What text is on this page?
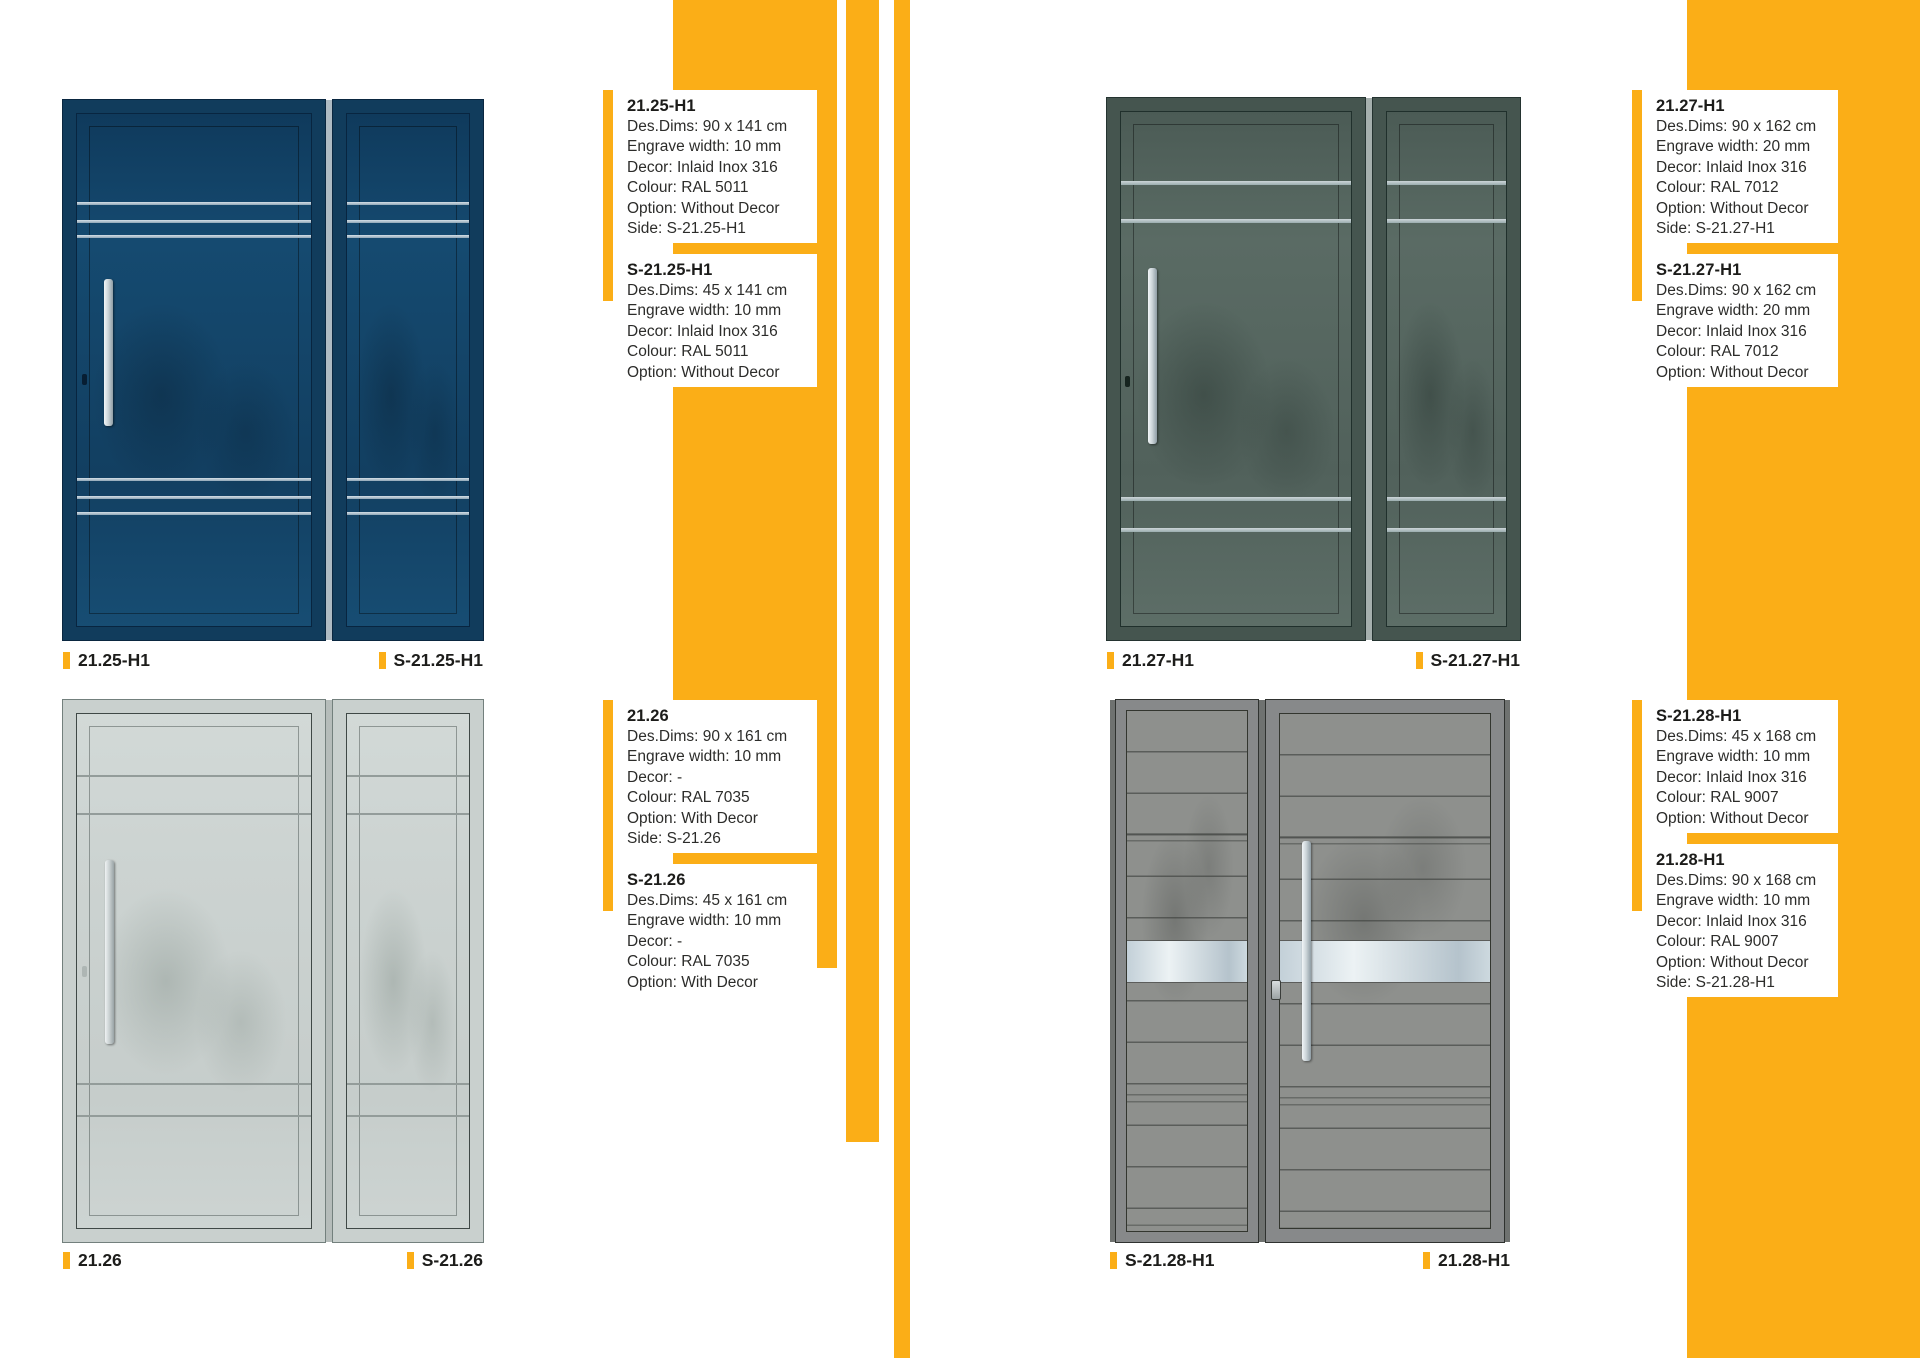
21.25-H1	S-21.25-H1
21.26	S-21.26
21.27-H1	S-21.27-H1
S-21.28-H1	21.28-H1
21.25-H1
Des.Dims: 90 x 141 cm
Engrave width: 10 mm
Decor: Inlaid Inox 316
Colour: RAL 5011
Option: Without Decor
Side: S-21.25-H1
S-21.25-H1
Des.Dims: 45 x 141 cm
Engrave width: 10 mm
Decor: Inlaid Inox 316
Colour: RAL 5011
Option: Without Decor
21.26
Des.Dims: 90 x 161 cm
Engrave width: 10 mm
Decor: -
Colour: RAL 7035
Option: With Decor
Side: S-21.26
S-21.26
Des.Dims: 45 x 161 cm
Engrave width: 10 mm
Decor: -
Colour: RAL 7035
Option: With Decor
21.27-H1
Des.Dims: 90 x 162 cm
Engrave width: 20 mm
Decor: Inlaid Inox 316
Colour: RAL 7012
Option: Without Decor
Side: S-21.27-H1
S-21.27-H1
Des.Dims: 90 x 162 cm
Engrave width: 20 mm
Decor: Inlaid Inox 316
Colour: RAL 7012
Option: Without Decor
S-21.28-H1
Des.Dims: 45 x 168 cm
Engrave width: 10 mm
Decor: Inlaid Inox 316
Colour: RAL 9007
Option: Without Decor
21.28-H1
Des.Dims: 90 x 168 cm
Engrave width: 10 mm
Decor: Inlaid Inox 316
Colour: RAL 9007
Option: Without Decor
Side: S-21.28-H1
